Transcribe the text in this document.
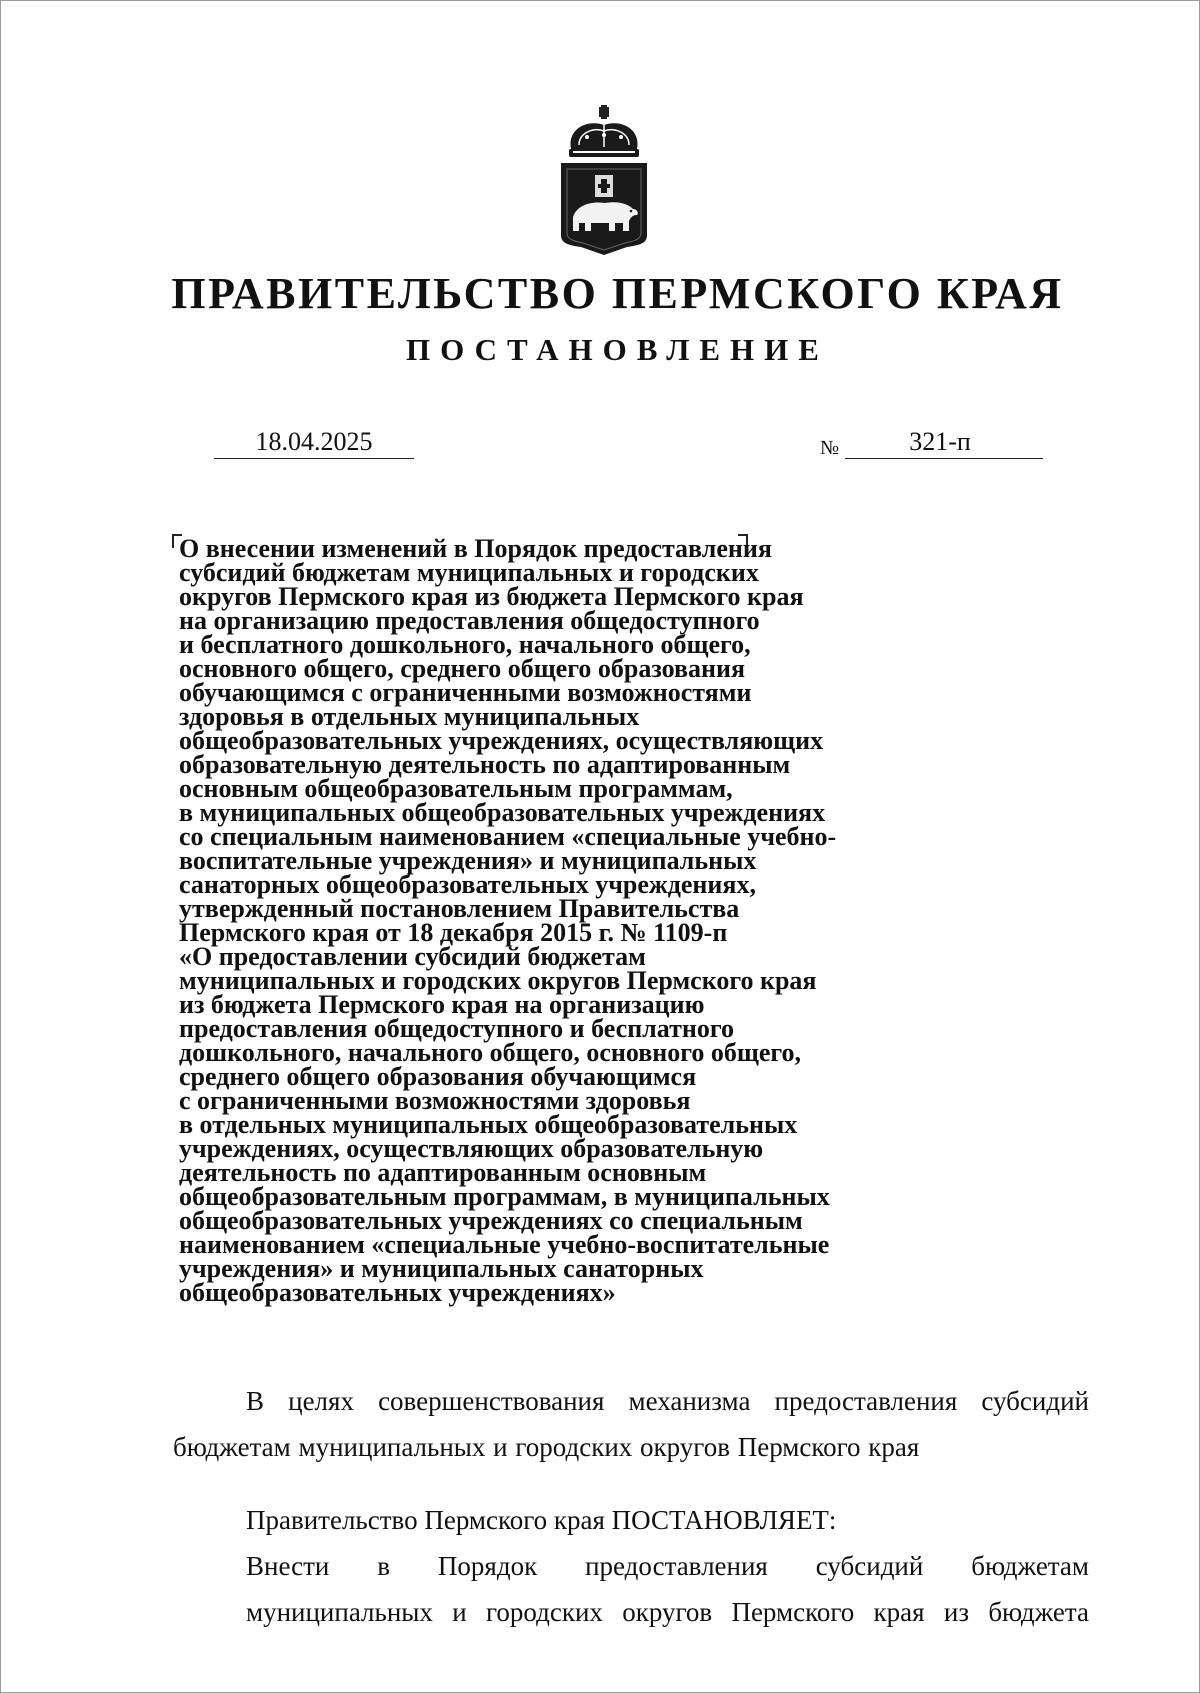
ПРАВИТЕЛЬСТВО ПЕРМСКОГО КРАЯ
ПОСТАНОВЛЕНИЕ
18.04.2025	№	321-п
О внесении изменений в Порядок предоставления
субсидий бюджетам муниципальных и городских
округов Пермского края из бюджета Пермского края
на организацию предоставления общедоступного
и бесплатного дошкольного, начального общего,
основного общего, среднего общего образования
обучающимся с ограниченными возможностями
здоровья в отдельных муниципальных
общеобразовательных учреждениях, осуществляющих
образовательную деятельность по адаптированным
основным общеобразовательным программам,
в муниципальных общеобразовательных учреждениях
со специальным наименованием «специальные учебно-
воспитательные учреждения» и муниципальных
санаторных общеобразовательных учреждениях,
утвержденный постановлением Правительства
Пермского края от 18 декабря 2015 г. № 1109-п
«О предоставлении субсидий бюджетам
муниципальных и городских округов Пермского края
из бюджета Пермского края на организацию
предоставления общедоступного и бесплатного
дошкольного, начального общего, основного общего,
среднего общего образования обучающимся
с ограниченными возможностями здоровья
в отдельных муниципальных общеобразовательных
учреждениях, осуществляющих образовательную
деятельность по адаптированным основным
общеобразовательным программам, в муниципальных
общеобразовательных учреждениях со специальным
наименованием «специальные учебно-воспитательные
учреждения» и муниципальных санаторных
общеобразовательных учреждениях»

В целях совершенствования механизма предоставления субсидий бюджетам муниципальных и городских округов Пермского края

Правительство Пермского края ПОСТАНОВЛЯЕТ:

Внести в Порядок предоставления субсидий бюджетам
муниципальных и городских округов Пермского края из бюджета
